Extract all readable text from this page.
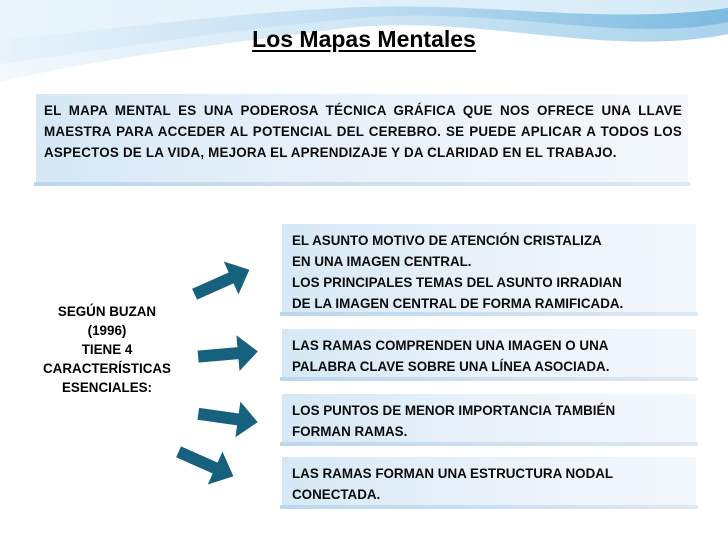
Los Mapas Mentales
EL MAPA MENTAL ES UNA PODEROSA TÉCNICA GRÁFICA QUE NOS OFRECE UNA LLAVE MAESTRA PARA ACCEDER AL POTENCIAL DEL CEREBRO. SE PUEDE APLICAR A TODOS LOS ASPECTOS DE LA VIDA, MEJORA EL APRENDIZAJE Y DA CLARIDAD EN EL TRABAJO.
SEGÚN BUZAN
(1996)
TIENE 4
CARACTERÍSTICAS
ESENCIALES:
EL ASUNTO MOTIVO DE ATENCIÓN CRISTALIZA
EN UNA IMAGEN CENTRAL.
LOS PRINCIPALES TEMAS DEL ASUNTO IRRADIAN
DE LA IMAGEN CENTRAL DE FORMA RAMIFICADA.
LAS RAMAS COMPRENDEN UNA IMAGEN O UNA
PALABRA CLAVE SOBRE UNA LÍNEA ASOCIADA.
LOS PUNTOS DE MENOR IMPORTANCIA TAMBIÉN
FORMAN RAMAS.
LAS RAMAS FORMAN UNA ESTRUCTURA NODAL
CONECTADA.
